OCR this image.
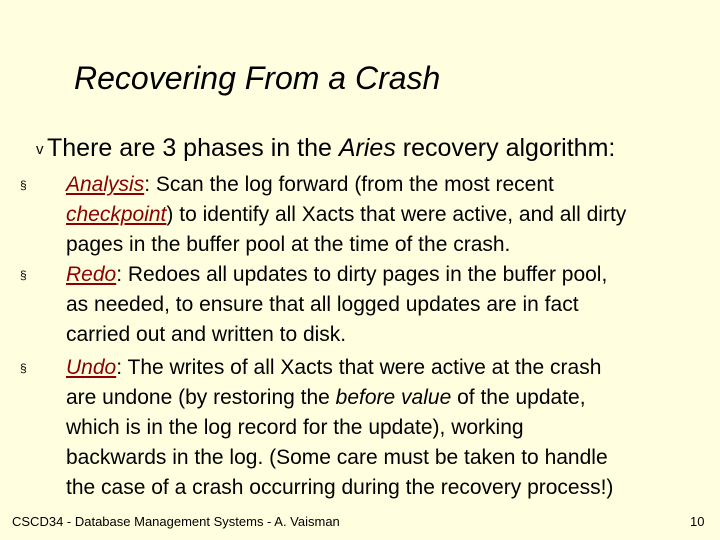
Recovering From a Crash
v There are 3 phases in the Aries recovery algorithm:
§ Analysis: Scan the log forward (from the most recent
checkpoint) to identify all Xacts that were active, and all dirty
pages in the buffer pool at the time of the crash.
§ Redo: Redoes all updates to dirty pages in the buffer pool,
as needed, to ensure that all logged updates are in fact
carried out and written to disk.
§ Undo: The writes of all Xacts that were active at the crash
are undone (by restoring the before value of the update,
which is in the log record for the update), working
backwards in the log. (Some care must be taken to handle
the case of a crash occurring during the recovery process!)
CSCD34 - Database Management Systems - A. Vaisman	10
